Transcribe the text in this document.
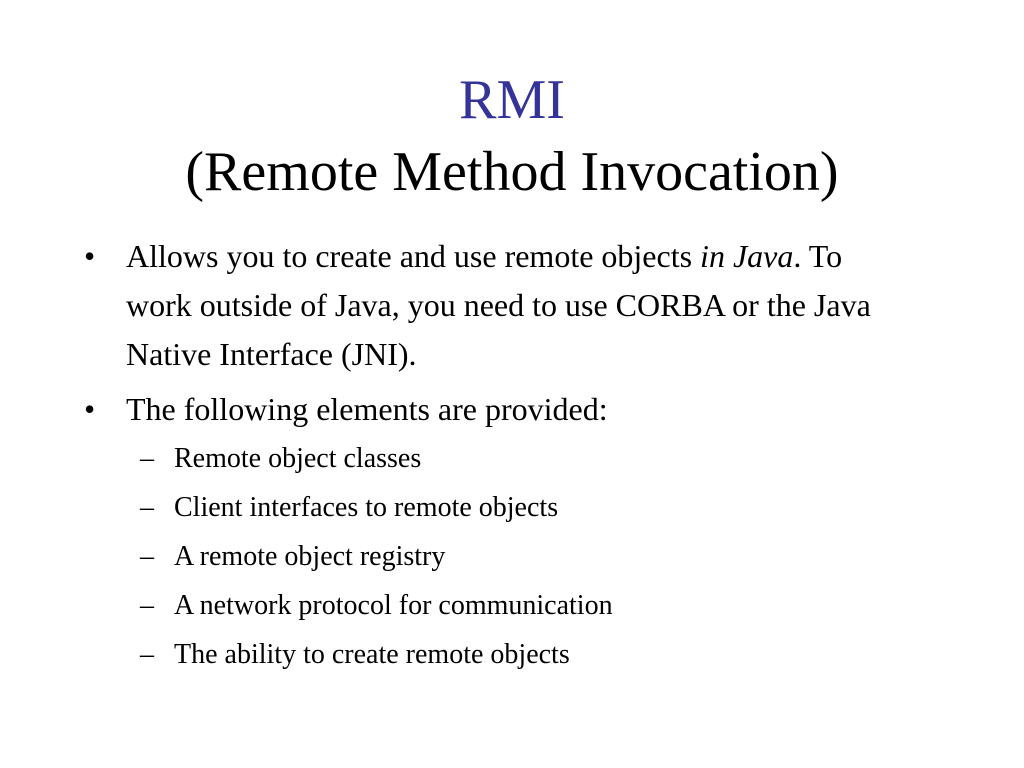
RMI
(Remote Method Invocation)
• Allows you to create and use remote objects in Java. To work outside of Java, you need to use CORBA or the Java Native Interface (JNI).
• The following elements are provided:
– Remote object classes
– Client interfaces to remote objects
– A remote object registry
– A network protocol for communication
– The ability to create remote objects
